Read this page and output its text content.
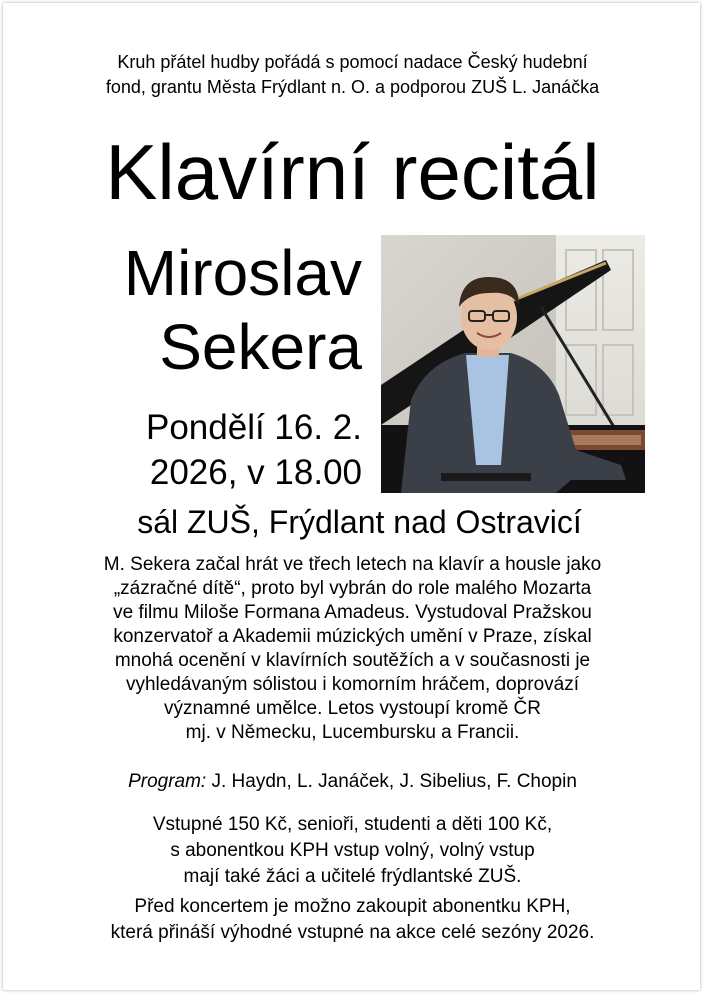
Kruh přátel hudby pořádá s pomocí nadace Český hudební
fond, grantu Města Frýdlant n. O. a podporou ZUŠ L. Janáčka
Klavírní recitál
Miroslav
Sekera
Pondělí 16. 2.
2026, v 18.00
sál ZUŠ, Frýdlant nad Ostravicí
M. Sekera začal hrát ve třech letech na klavír a housle jako
„zázračné dítě“, proto byl vybrán do role malého Mozarta
ve filmu Miloše Formana Amadeus. Vystudoval Pražskou
konzervatoř a Akademii múzických umění v Praze, získal
mnohá ocenění v klavírních soutěžích a v současnosti je
vyhledávaným sólistou i komorním hráčem, doprovází
významné umělce. Letos vystoupí kromě ČR
mj. v Německu, Lucembursku a Francii.
Program: J. Haydn, L. Janáček, J. Sibelius, F. Chopin
Vstupné 150 Kč, senioři, studenti a děti 100 Kč,
s abonentkou KPH vstup volný, volný vstup
mají také žáci a učitelé frýdlantské ZUŠ.
Před koncertem je možno zakoupit abonentku KPH,
která přináší výhodné vstupné na akce celé sezóny 2026.
